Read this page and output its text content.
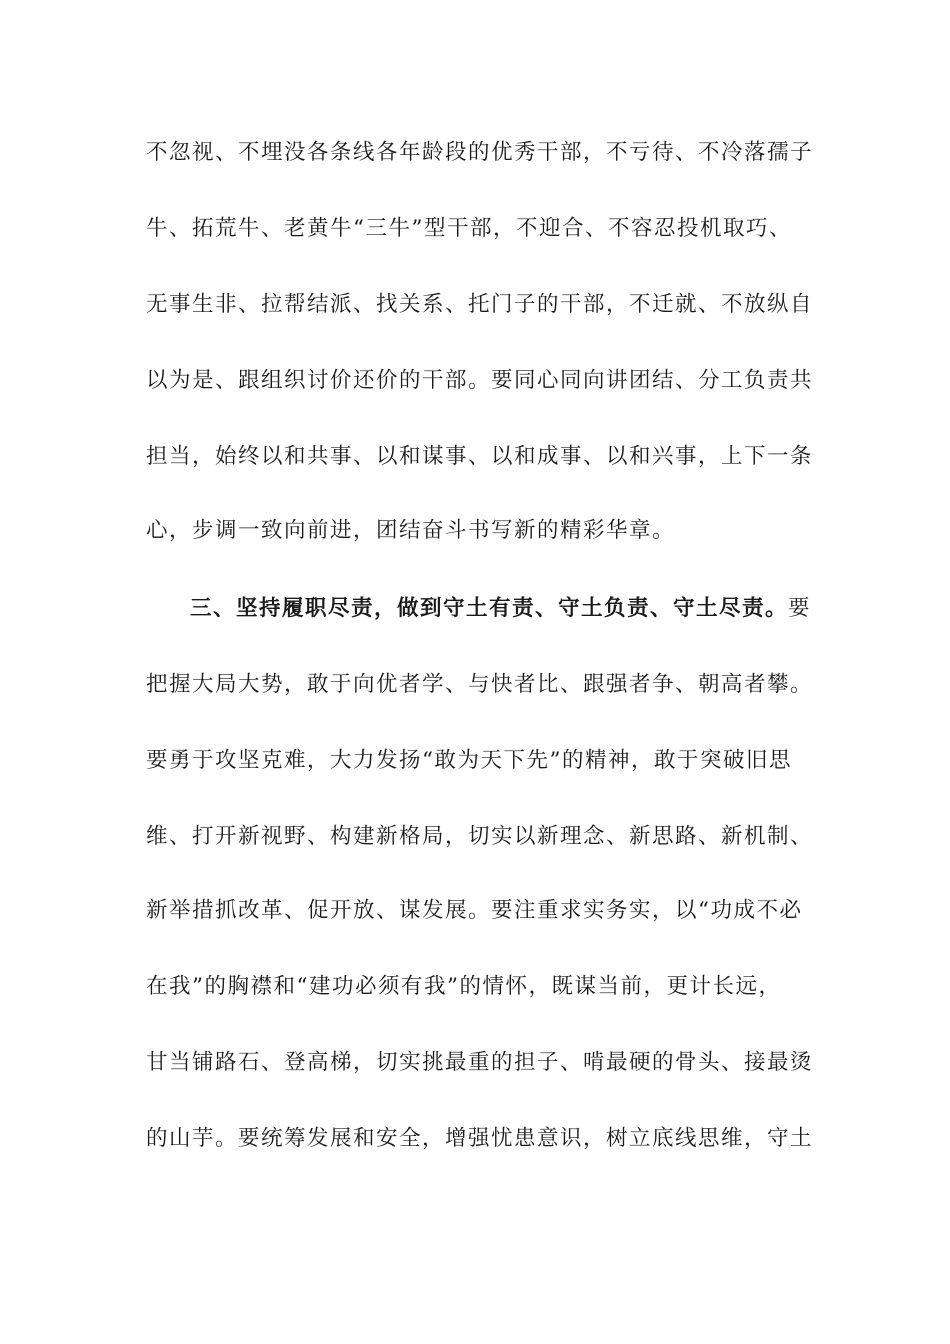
不忽视、不埋没各条线各年龄段的优秀干部，不亏待、不冷落孺子
牛、拓荒牛、老黄牛“三牛”型干部，不迎合、不容忍投机取巧、
无事生非、拉帮结派、找关系、托门子的干部，不迁就、不放纵自
以为是、跟组织讨价还价的干部。要同心同向讲团结、分工负责共
担当，始终以和共事、以和谋事、以和成事、以和兴事，上下一条
心，步调一致向前进，团结奋斗书写新的精彩华章。
三、坚持履职尽责，做到守土有责、守土负责、守土尽责。要
把握大局大势，敢于向优者学、与快者比、跟强者争、朝高者攀。
要勇于攻坚克难，大力发扬“敢为天下先”的精神，敢于突破旧思
维、打开新视野、构建新格局，切实以新理念、新思路、新机制、
新举措抓改革、促开放、谋发展。要注重求实务实，以“功成不必
在我”的胸襟和“建功必须有我”的情怀，既谋当前，更计长远，
甘当铺路石、登高梯，切实挑最重的担子、啃最硬的骨头、接最烫
的山芋。要统筹发展和安全，增强忧患意识，树立底线思维，守土
